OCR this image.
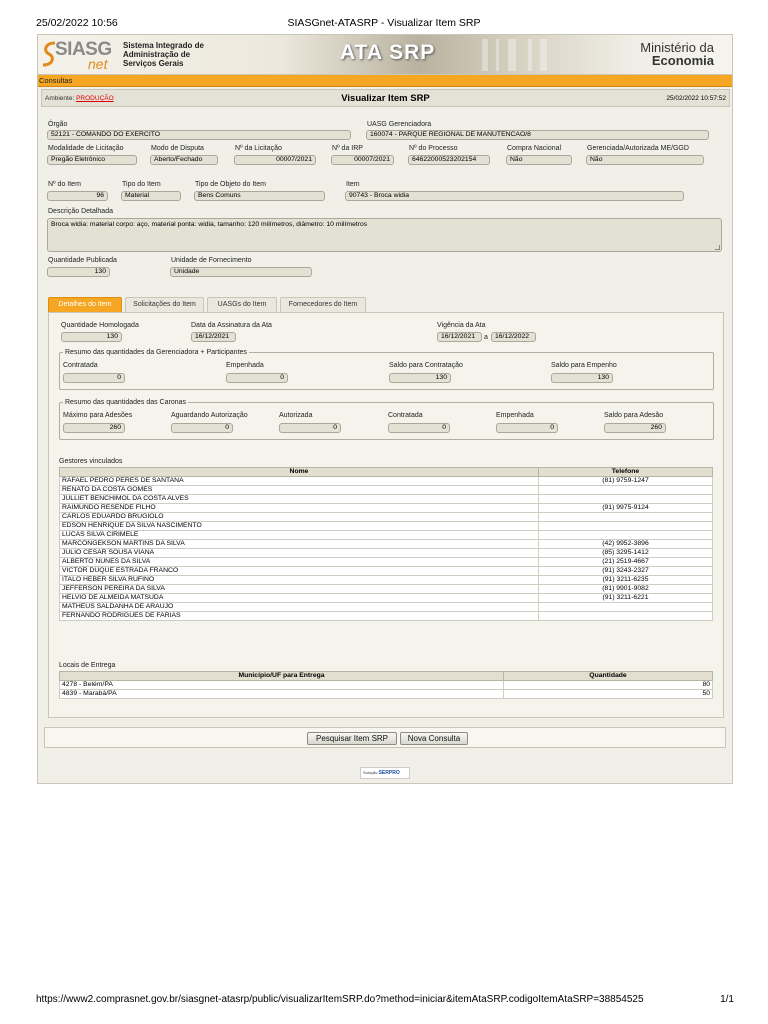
25/02/2022 10:56	SIASGnet-ATASRP - Visualizar Item SRP
SIASG
net
Sistema Integrado de Administração de Serviços Gerais	ATA SRP	Ministério da
Economia
Consultas
Ambiente: PRODUÇÃO	Visualizar Item SRP	25/02/2022 10:57:52
Órgão
52121 - COMANDO DO EXERCITO
UASG Gerenciadora
160074 - PARQUE REGIONAL DE MANUTENCAO/8
Modalidade de Licitação
Pregão Eletrônico
Modo de Disputa
Aberto/Fechado
Nº da Licitação
00007/2021
Nº da IRP
00007/2021
Nº do Processo
64622000523202154
Compra Nacional
Não
Gerenciada/Autorizada ME/GGD
Não
Nº do Item
96
Tipo do Item
Material
Tipo de Objeto do Item
Bens Comuns
Item
90743 - Broca widia
Descrição Detalhada
Broca widia: material corpo: aço, material ponta: widia, tamanho: 120 milímetros, diâmetro: 10 milímetros
Quantidade Publicada
130
Unidade de Fornecimento
Unidade
Detalhes do Item	Solicitações do Item	UASGs do Item	Fornecedores do Item
Quantidade Homologada
130
Data da Assinatura da Ata
16/12/2021
Vigência da Ata
16/12/2021	a	16/12/2022
Resumo das quantidades da Gerenciadora + Participantes
Contratada
0
Empenhada
0
Saldo para Contratação
130
Saldo para Empenho
130
Resumo das quantidades das Caronas
Máximo para Adesões
260
Aguardando Autorização
0
Autorizada
0
Contratada
0
Empenhada
0
Saldo para Adesão
260
Gestores vinculados
Nome	Telefone
RAFAEL PEDRO PERES DE SANTANA	(81) 9759-1247
RENATO DA COSTA GOMES	
JULLIET BENCHIMOL DA COSTA ALVES	
RAIMUNDO RESENDE FILHO	(91) 9975-9124
CARLOS EDUARDO BRUGIOLO	
EDSON HENRIQUE DA SILVA NASCIMENTO	
LUCAS SILVA CIRIMELE	
MARCONGEKSON MARTINS DA SILVA	(42) 9952-3896
JULIO CESAR SOUSA VIANA	(85) 3295-1412
ALBERTO NUNES DA SILVA	(21) 2519-4667
VICTOR DUQUE ESTRADA FRANCO	(91) 3243-2327
ITALO HEBER SILVA RUFINO	(91) 3211-6235
JEFFERSON PEREIRA DA SILVA	(81) 9901-9082
HELVIO DE ALMEIDA MATSUDA	(91) 3211-6221
MATHEUS SALDANHA DE ARAUJO	
FERNANDO RODRIGUES DE FARIAS	
Locais de Entrega
Município/UF para Entrega	Quantidade
4278 - Belém/PA	80
4839 - Marabá/PA	50
Pesquisar Item SRP	Nova Consulta
Solução SERPRO
https://www2.comprasnet.gov.br/siasgnet-atasrp/public/visualizarItemSRP.do?method=iniciar&itemAtaSRP.codigoItemAtaSRP=38854525	1/1
